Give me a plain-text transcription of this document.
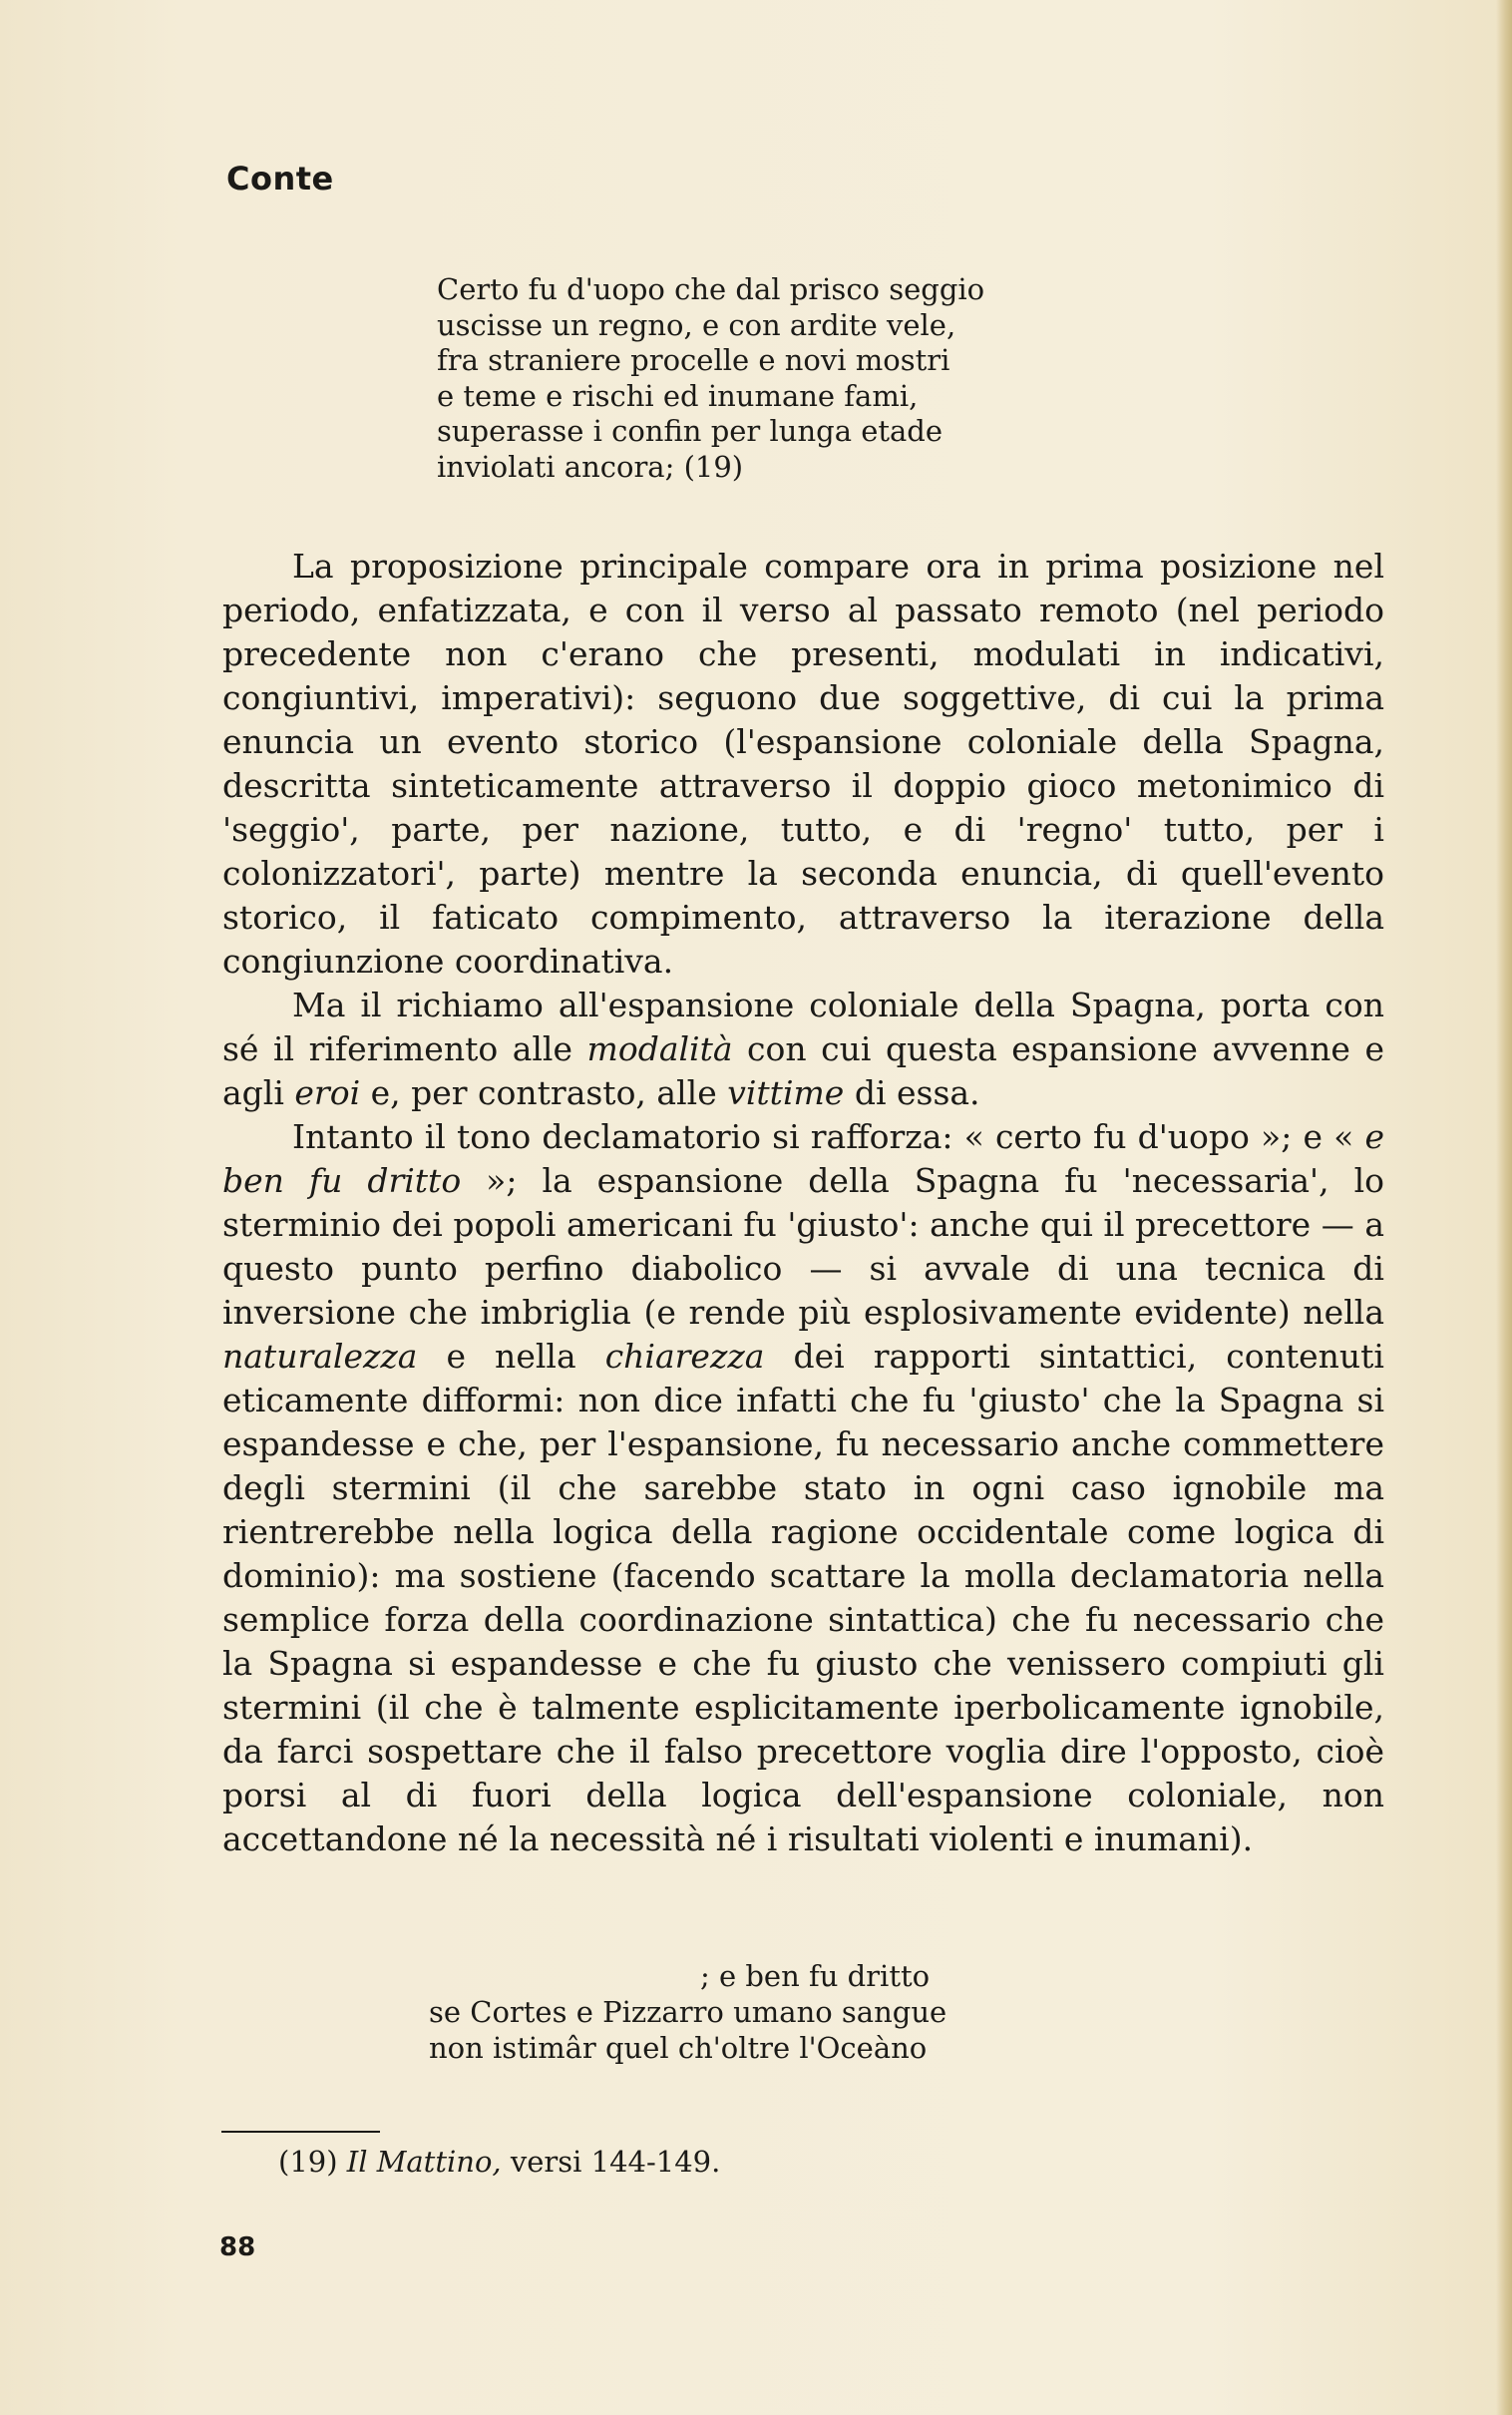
Conte
Certo fu d'uopo che dal prisco seggio
uscisse un regno, e con ardite vele,
fra straniere procelle e novi mostri
e teme e rischi ed inumane fami,
superasse i confin per lunga etade
inviolati ancora; (19)

La proposizione principale compare ora in prima posizione nel periodo, enfatizzata, e con il verso al passato remoto (nel periodo precedente non c'erano che presenti, modulati in indicativi, congiuntivi, imperativi): seguono due soggettive, di cui la prima enuncia un evento storico (l'espansione coloniale della Spagna, descritta sinteticamente attraverso il doppio gioco metonimico di 'seggio', parte, per nazione, tutto, e di 'regno' tutto, per i colonizzatori', parte) mentre la seconda enuncia, di quell'evento storico, il faticato compimento, attraverso la iterazione della congiunzione coordinativa.

Ma il richiamo all'espansione coloniale della Spagna, porta con sé il riferimento alle modalità con cui questa espansione avvenne e agli eroi e, per contrasto, alle vittime di essa.

Intanto il tono declamatorio si rafforza: « certo fu d'uopo »; e « e ben fu dritto »; la espansione della Spagna fu 'necessaria', lo sterminio dei popoli americani fu 'giusto': anche qui il precettore — a questo punto perfino diabolico — si avvale di una tecnica di inversione che imbriglia (e rende più esplosivamente evidente) nella naturalezza e nella chiarezza dei rapporti sintattici, contenuti eticamente difformi: non dice infatti che fu 'giusto' che la Spagna si espandesse e che, per l'espansione, fu necessario anche commettere degli stermini (il che sarebbe stato in ogni caso ignobile ma rientrerebbe nella logica della ragione occidentale come logica di dominio): ma sostiene (facendo scattare la molla declamatoria nella semplice forza della coordinazione sintattica) che fu necessario che la Spagna si espandesse e che fu giusto che venissero compiuti gli stermini (il che è talmente esplicitamente iperbolicamente ignobile, da farci sospettare che il falso precettore voglia dire l'opposto, cioè porsi al di fuori della logica dell'espansione coloniale, non accettandone né la necessità né i risultati violenti e inumani).

; e ben fu dritto
se Cortes e Pizzarro umano sangue
non istimâr quel ch'oltre l'Oceàno
(19) Il Mattino, versi 144-149.
88
